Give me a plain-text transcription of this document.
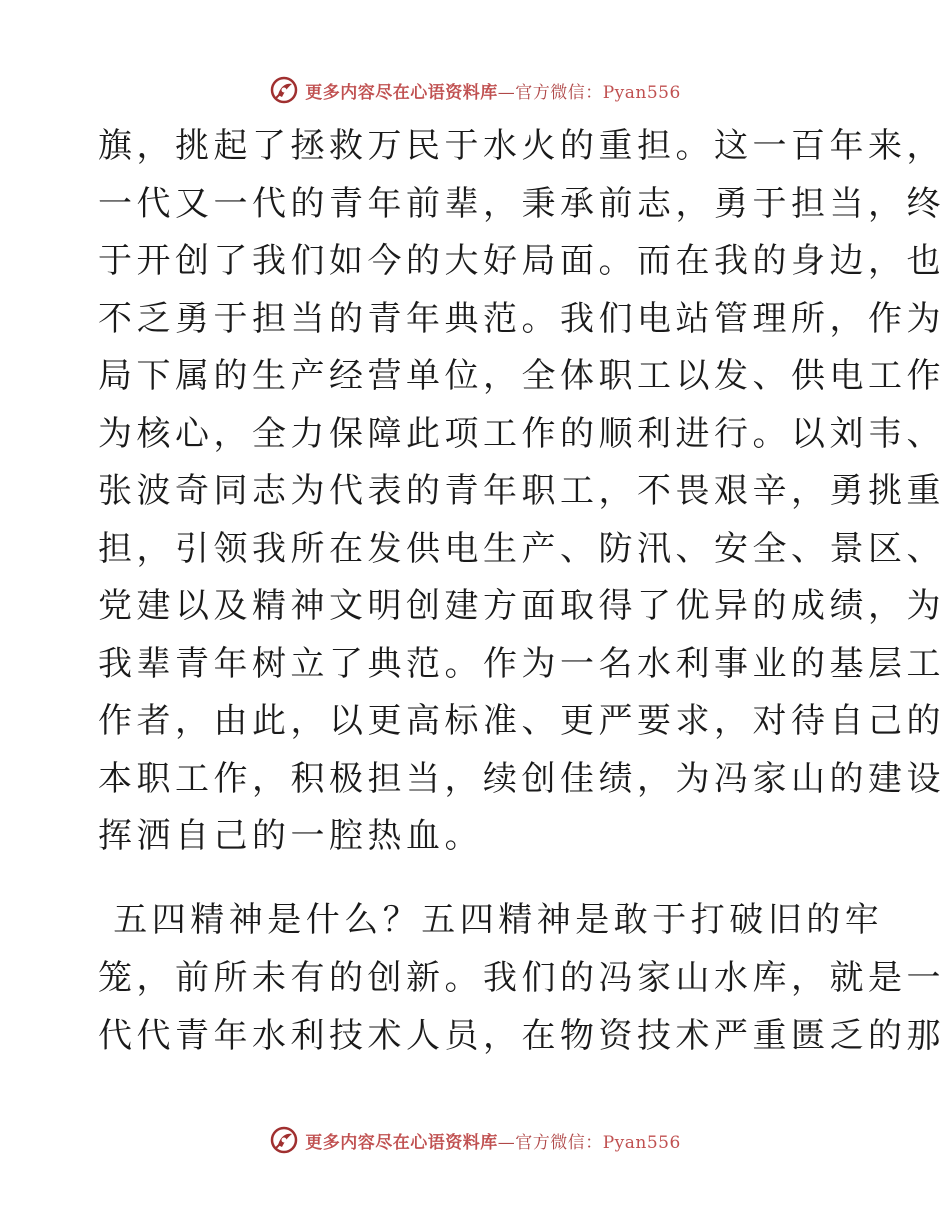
更多内容尽在心语资料库—官方微信：Pyan556
旗，挑起了拯救万民于水火的重担。这一百年来，
一代又一代的青年前辈，秉承前志，勇于担当，终
于开创了我们如今的大好局面。而在我的身边，也
不乏勇于担当的青年典范。我们电站管理所，作为
局下属的生产经营单位，全体职工以发、供电工作
为核心，全力保障此项工作的顺利进行。以刘韦、
张波奇同志为代表的青年职工，不畏艰辛，勇挑重
担，引领我所在发供电生产、防汛、安全、景区、
党建以及精神文明创建方面取得了优异的成绩，为
我辈青年树立了典范。作为一名水利事业的基层工
作者，由此，以更高标准、更严要求，对待自己的
本职工作，积极担当，续创佳绩，为冯家山的建设
挥洒自己的一腔热血。
五四精神是什么？五四精神是敢于打破旧的牢
笼，前所未有的创新。我们的冯家山水库，就是一
代代青年水利技术人员，在物资技术严重匮乏的那
更多内容尽在心语资料库—官方微信：Pyan556
